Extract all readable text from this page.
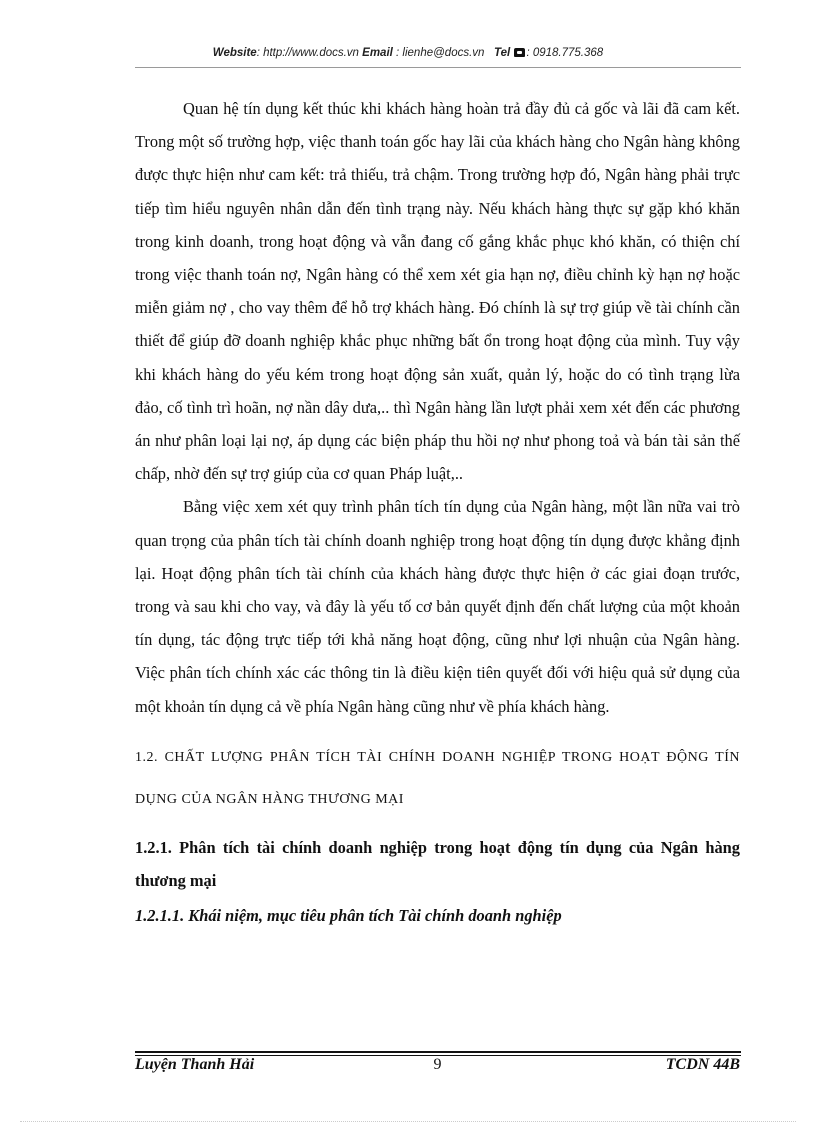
Website: http://www.docs.vn Email : lienhe@docs.vn Tel : 0918.775.368

Quan hệ tín dụng kết thúc khi khách hàng hoàn trả đầy đủ cả gốc và lãi đã cam kết. Trong một số trường hợp, việc thanh toán gốc hay lãi của khách hàng cho Ngân hàng không được thực hiện như cam kết: trả thiếu, trả chậm. Trong trường hợp đó, Ngân hàng phải trực tiếp tìm hiểu nguyên nhân dẫn đến tình trạng này. Nếu khách hàng thực sự gặp khó khăn trong kinh doanh, trong hoạt động và vẫn đang cố gắng khắc phục khó khăn, có thiện chí trong việc thanh toán nợ, Ngân hàng có thể xem xét gia hạn nợ, điều chỉnh kỳ hạn nợ hoặc miễn giảm nợ , cho vay thêm để hỗ trợ khách hàng. Đó chính là sự trợ giúp về tài chính cần thiết để giúp đỡ doanh nghiệp khắc phục những bất ổn trong hoạt động của mình. Tuy vậy khi khách hàng do yếu kém trong hoạt động sản xuất, quản lý, hoặc do có tình trạng lừa đảo, cố tình trì hoãn, nợ nần dây dưa,.. thì Ngân hàng lần lượt phải xem xét đến các phương án như phân loại lại nợ, áp dụng các biện pháp thu hồi nợ như phong toả và bán tài sản thế chấp, nhờ đến sự trợ giúp của cơ quan Pháp luật,..

Bằng việc xem xét quy trình phân tích tín dụng của Ngân hàng, một lần nữa vai trò quan trọng của phân tích tài chính doanh nghiệp trong hoạt động tín dụng được khẳng định lại. Hoạt động phân tích tài chính của khách hàng được thực hiện ở các giai đoạn trước, trong và sau khi cho vay, và đây là yếu tố cơ bản quyết định đến chất lượng của một khoản tín dụng, tác động trực tiếp tới khả năng hoạt động, cũng như lợi nhuận của Ngân hàng. Việc phân tích chính xác các thông tin là điều kiện tiên quyết đối với hiệu quả sử dụng của một khoản tín dụng cả về phía Ngân hàng cũng như về phía khách hàng.

1.2. CHẤT LƯỢNG PHÂN TÍCH TÀI CHÍNH DOANH NGHIỆP TRONG HOẠT ĐỘNG TÍN DỤNG CỦA NGÂN HÀNG THƯƠNG MẠI

1.2.1. Phân tích tài chính doanh nghiệp trong hoạt động tín dụng của Ngân hàng thương mại

1.2.1.1. Khái niệm, mục tiêu phân tích Tài chính doanh nghiệp

Luyện Thanh Hải	9	TCDN 44B
